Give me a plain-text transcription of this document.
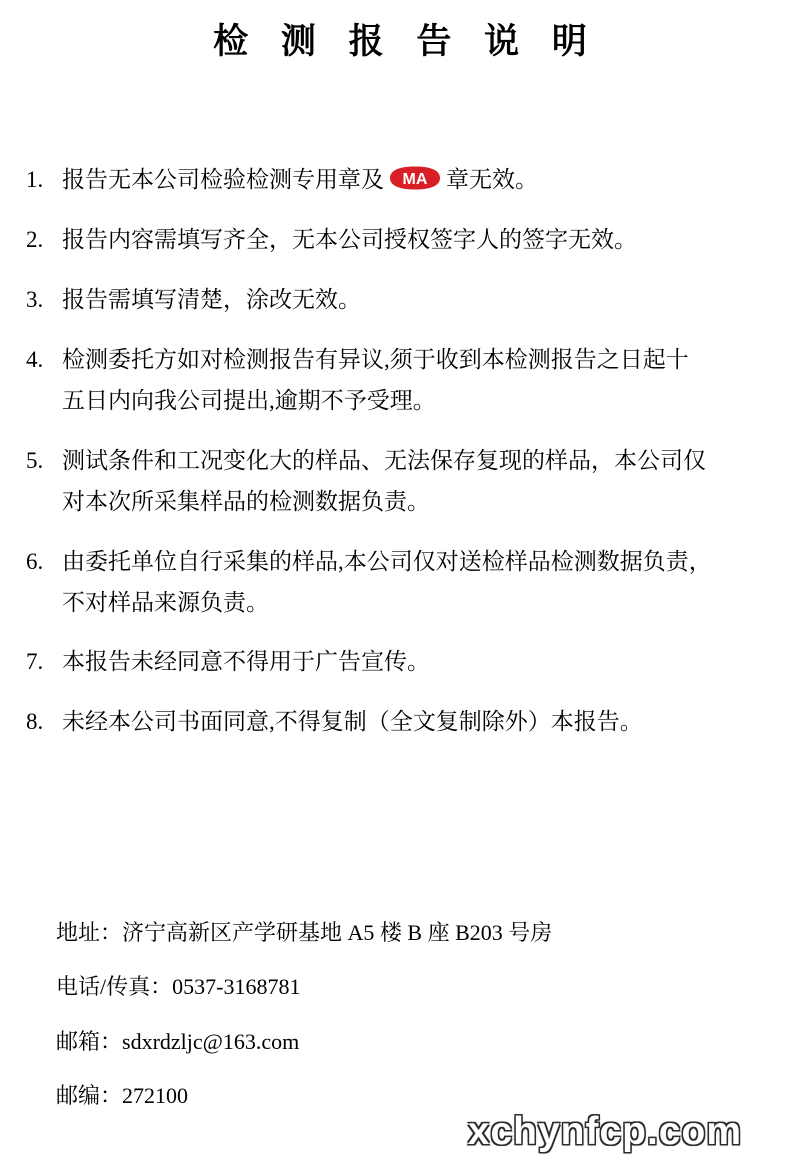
检 测 报 告 说 明
1. 报告无本公司检验检测专用章及 MA 章无效。
2. 报告内容需填写齐全，无本公司授权签字人的签字无效。
3. 报告需填写清楚，涂改无效。
4. 检测委托方如对检测报告有异议,须于收到本检测报告之日起十
五日内向我公司提出,逾期不予受理。
5. 测试条件和工况变化大的样品、无法保存复现的样品，本公司仅
对本次所采集样品的检测数据负责。
6. 由委托单位自行采集的样品,本公司仅对送检样品检测数据负责，
不对样品来源负责。
7. 本报告未经同意不得用于广告宣传。
8. 未经本公司书面同意,不得复制（全文复制除外）本报告。
地址：济宁高新区产学研基地 A5 楼 B 座 B203 号房
电话/传真：0537-3168781
邮箱：sdxrdzljc@163.com
邮编：272100
xchynfcp.com
